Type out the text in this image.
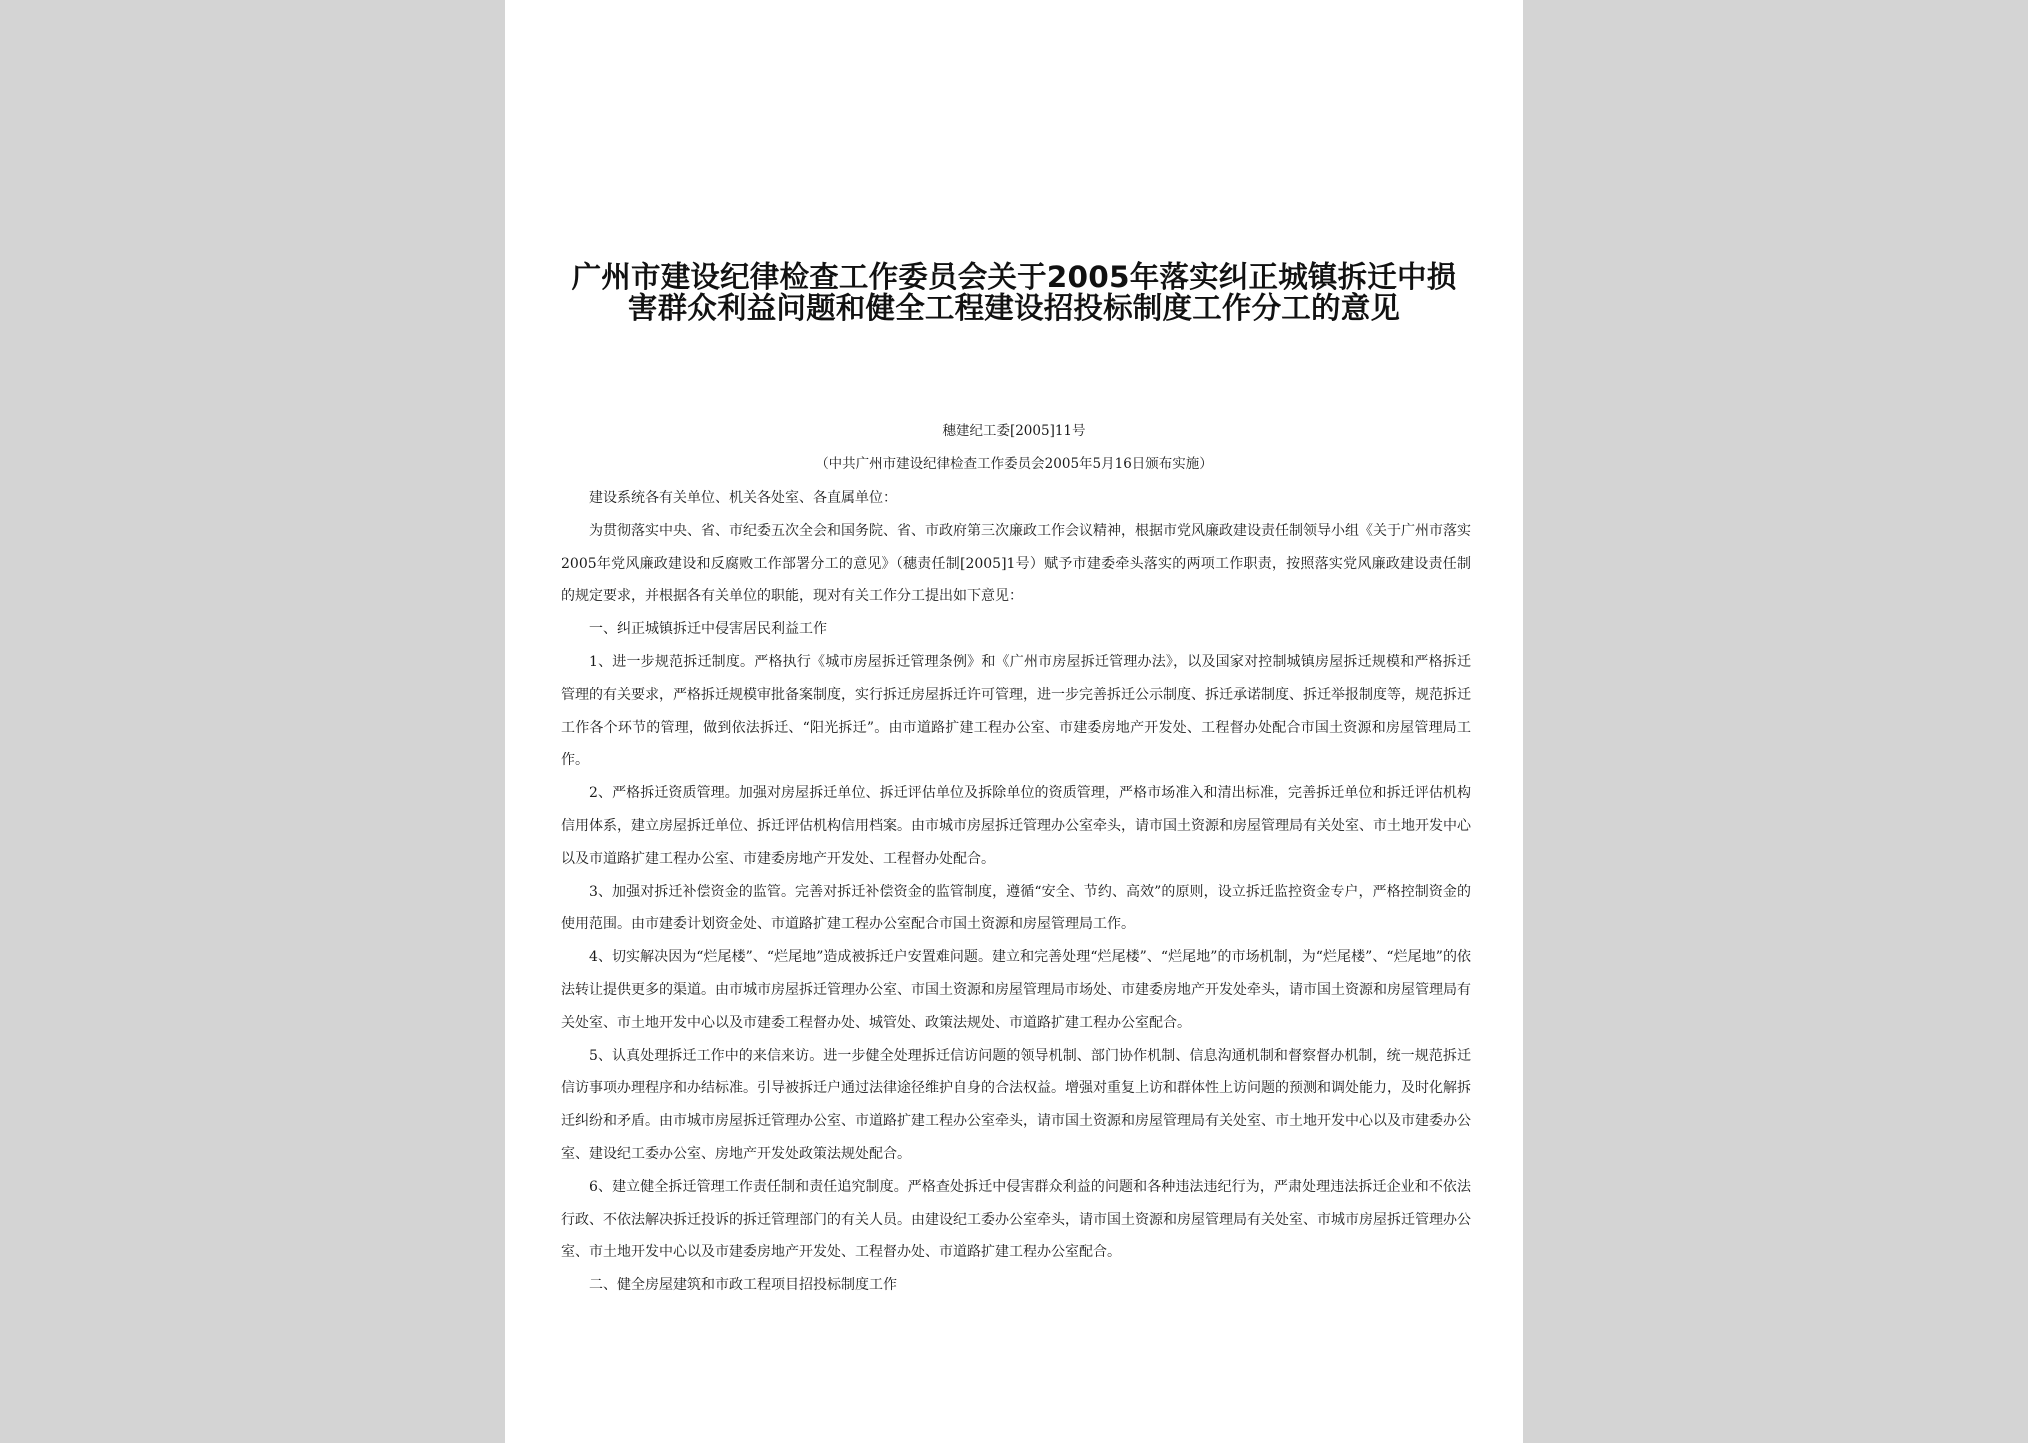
广州市建设纪律检查工作委员会关于2005年落实纠正城镇拆迁中损害群众利益问题和健全工程建设招投标制度工作分工的意见
穗建纪工委[2005]11号
（中共广州市建设纪律检查工作委员会2005年5月16日颁布实施）

建设系统各有关单位、机关各处室、各直属单位：

为贯彻落实中央、省、市纪委五次全会和国务院、省、市政府第三次廉政工作会议精神，根据市党风廉政建设责任制领导小组《关于广州市落实2005年党风廉政建设和反腐败工作部署分工的意见》（穗责任制[2005]1号）赋予市建委牵头落实的两项工作职责，按照落实党风廉政建设责任制的规定要求，并根据各有关单位的职能，现对有关工作分工提出如下意见：

一、纠正城镇拆迁中侵害居民利益工作

1、进一步规范拆迁制度。严格执行《城市房屋拆迁管理条例》和《广州市房屋拆迁管理办法》，以及国家对控制城镇房屋拆迁规模和严格拆迁管理的有关要求，严格拆迁规模审批备案制度，实行拆迁房屋拆迁许可管理，进一步完善拆迁公示制度、拆迁承诺制度、拆迁举报制度等，规范拆迁工作各个环节的管理，做到依法拆迁、“阳光拆迁”。由市道路扩建工程办公室、市建委房地产开发处、工程督办处配合市国土资源和房屋管理局工作。

2、严格拆迁资质管理。加强对房屋拆迁单位、拆迁评估单位及拆除单位的资质管理，严格市场准入和清出标准，完善拆迁单位和拆迁评估机构信用体系，建立房屋拆迁单位、拆迁评估机构信用档案。由市城市房屋拆迁管理办公室牵头，请市国土资源和房屋管理局有关处室、市土地开发中心以及市道路扩建工程办公室、市建委房地产开发处、工程督办处配合。

3、加强对拆迁补偿资金的监管。完善对拆迁补偿资金的监管制度，遵循“安全、节约、高效”的原则，设立拆迁监控资金专户，严格控制资金的使用范围。由市建委计划资金处、市道路扩建工程办公室配合市国土资源和房屋管理局工作。

4、切实解决因为“烂尾楼”、“烂尾地”造成被拆迁户安置难问题。建立和完善处理“烂尾楼”、“烂尾地”的市场机制，为“烂尾楼”、“烂尾地”的依法转让提供更多的渠道。由市城市房屋拆迁管理办公室、市国土资源和房屋管理局市场处、市建委房地产开发处牵头，请市国土资源和房屋管理局有关处室、市土地开发中心以及市建委工程督办处、城管处、政策法规处、市道路扩建工程办公室配合。

5、认真处理拆迁工作中的来信来访。进一步健全处理拆迁信访问题的领导机制、部门协作机制、信息沟通机制和督察督办机制，统一规范拆迁信访事项办理程序和办结标准。引导被拆迁户通过法律途径维护自身的合法权益。增强对重复上访和群体性上访问题的预测和调处能力，及时化解拆迁纠纷和矛盾。由市城市房屋拆迁管理办公室、市道路扩建工程办公室牵头，请市国土资源和房屋管理局有关处室、市土地开发中心以及市建委办公室、建设纪工委办公室、房地产开发处政策法规处配合。

6、建立健全拆迁管理工作责任制和责任追究制度。严格查处拆迁中侵害群众利益的问题和各种违法违纪行为，严肃处理违法拆迁企业和不依法行政、不依法解决拆迁投诉的拆迁管理部门的有关人员。由建设纪工委办公室牵头，请市国土资源和房屋管理局有关处室、市城市房屋拆迁管理办公室、市土地开发中心以及市建委房地产开发处、工程督办处、市道路扩建工程办公室配合。

二、健全房屋建筑和市政工程项目招投标制度工作
